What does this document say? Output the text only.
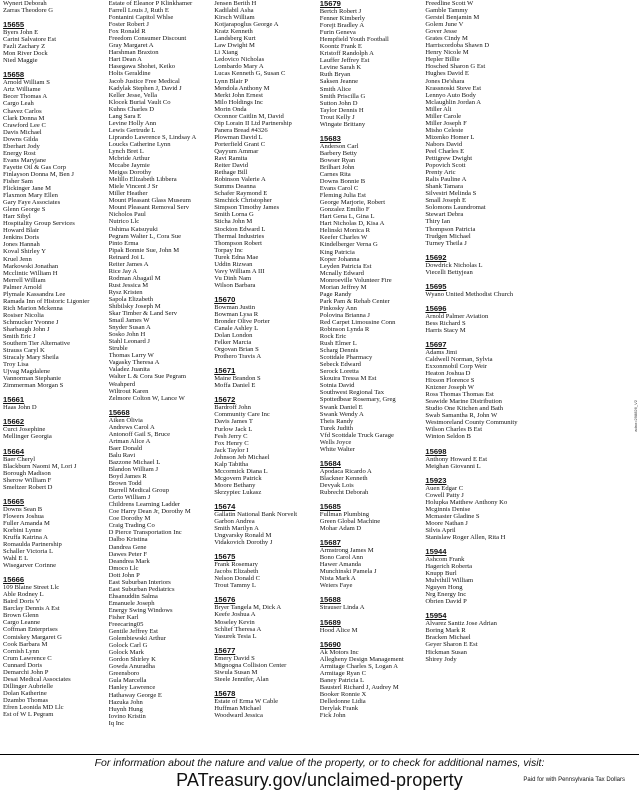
Wynert Deborah
Zarras Theodore G
15655
Byers John E
Carini Salvatore Est
Fazli Zachary Z
Mon River Dock
Nied Maggie
15658
Arnold William S
Artz Williame
Becer Thomas A
Cargo Leah
Chavez Carlos
Clark Donna M
Crawford Lee C
Davis Michael
Downs Gilda
Eberhart Jody
Energy Rost
Evans Maryjane
Fayette Oil & Gas Corp
Finlayson Donna M, Ben J
Fisher Sam
Flickinger Jane M
Flaxmon Mary Ellen
Gary Faye Associates
Glenn George S
Harr Sibyl
Hospitality Group Services
Howard Blair
Jenkins Doris
Jones Hannah
Koval Shirley Y
Kruel Jenn
Markowski Jonathan
Mcclintic William H
Merrell William
Palmer Arnold
Plymale Kassandra Lee
Ramada Inn of Historic Ligonier
Rich Marion Mckenna
Rosiser Nicolia
Schmucker Yvonne J
Sharbaugh John J
Smith Eric J
Southern Tier Alternative
Strauss Caryl K
Stracaly Mary Sheila
Troy Lisa
Ujvag Magdalene
Vannorman Stephanie
Zimmerman Morgan S
15661
Haas John D
15662
Curci Josephine
Mellinger Georgia
15664
Baer Cheryl
Blackburn Naomi M, Lori J
Borough Madison
Sherow William F
Smeltzer Robert D
15665
Downs Sean B
Flowers Joshua
Fuller Amanda M
Korbini Lynne
Kruffa Katrina A
Romaulda Partnership
Schaller Victoria L
Wahl E L
Wisegarver Corinne
15666
109 Blaine Street Llc
Able Rodney L
Baird Doris V
Barclay Dennis A Est
Brown Glenn
Cargo Leanne
Coffman Enterprises
Comiskey Margaret G
Cook Barbara M
Cornish Lynn
Crum Lawrence C
Cunnard Doris
Demarchi John P
Desai Medical Associates
Dillinger Aubrielle
Dolan Katherine
Dzambo Thomas
Efren Leonida MD Llc
Est of W L Pegram
Estate of Eleanor P Klinkhamer
Farrell Louis J, Ruth E
Fontanini Capitol Whlse
Foster Robert J
Fox Ronald R
Freedom Consumer Discount
Gray Margaret A
Harshman Braxton
Hart Dean A
Hasegawa Shohei, Keiko
Holts Geraldine
Jacob Justice Free Medical
Kadylak Stephen J, David J
Keller Jesse, Vella
Klocek Burial Vault Co
Kuhns Charles D
Lang Sara E
Levine Holly Ann
Lewis Gertrude L
Liprando Lawrence S, Lindsay A
Loucks Catherine Lynn
Lynch Bret L
Mcbride Arthur
Mccabe Jaymie
Meigss Dorothy
Melillo Elizabeth Libbera
Miele Vincent J Sr
Miller Heather
Mount Pleasant Glass Museum
Mount Pleasant Removal Serv
Nicholos Paul
Nutrico Llc
Oshima Katsuyuki
Pegram Walter L, Cora Sue
Pinto Erma
Pipak Bonnie Sue, John M
Reinard Joi L
Reiter James A
Rice Jay A
Rodman Abagail M
Rust Jessica M
Rysz Kristen
Sapola Elizabeth
Shibilsky Joseph M
Skar Timber & Land Serv
Smail James W
Snyder Susan A
Sosko John H
Stahl Leonard J
Struble
Thomas Larry W
Vagasky Theresa A
Valadez Juanita
Walter L & Cora Sue Pegram
Weahperd
Wiltrout Karen
Zelmore Colton W, Lance W
15668
Aiken Olivia
Andrews Carol A
Antonoff Gail S, Bruce
Artman Alice A
Baer Donald
Balu Ravi
Bazzone Michael L
Blandon William J
Boyd James R
Brown Todd
Burrell Medical Group
Certo William J
Childrens Learning Ladder
Coe Harry Dean Jr, Dorothy M
Coe Dorothy M
Craig Trading Co
D Pierce Transportation Inc
Dalbo Kristina
Dandrea Gene
Dawes Peter F
Deandrea Mark
Dmoco Llc
Dott John P
East Suburban Interiors
East Suburban Pediatrics
Ehsanuddin Salma
Emanuele Joseph
Energy Swing Windows
Fisher Karl
Freecaring05
Gentile Jeffrey Est
Golembiewski Arthur
Golock Carl G
Golock Mark
Gordon Shirley K
Gowda Anuradha
Greensboro
Gula Marcella
Hanley Lawrence
Hathaway George E
Hazuka John
Huynh Hung
Iovino Kristin
Iq Inc
Jensen Berith H
Kadilabil Asha
Kirsch William
Kotjarapoglus George A
Kratz Kenneth
Landsberg Kurt
Law Dwight M
Li Xiang
Ledovico Nicholas
Lombardo Mary A
Lucas Kenneth G, Susan C
Lynn Blair P
Mendola Anthony M
Merkt John Ernest
Milo Holdings Inc
Morin Onda
Oconnor Caitlin M, David
Oip Lorain II Ltd Partnership
Panera Bread #4326
Plowman David L
Porterfield Grant C
Qayyum Ammar
Ravi Ramita
Reiter David
Rethage Bill
Robinson Valerie A
Summs Deanna
Schafer Raymond E
Simchick Christopher
Simpson Timothy James
Smith Lorna G
Sticha John M
Stockton Edward L
Thermal Industries
Thompson Robert
Torpay Inc
Turek Edna Mae
Uddin Rizwan
Vavy William A III
Vu Dinh Nam
Wilson Barbara
15670
Bowman Justin
Bowman Lysa R
Bronder Olive Porter
Canale Ashley L
Dolan London
Felker Marcia
Orgovan Brian S
Prothero Travis A
15671
Maine Brandon S
Moffa Daniel E
15672
Bardroff John
Community Care Inc
Davis James T
Furlow Jack L
Fesh Jerry C
Fox Henry C
Jack Taylor I
Johnson Jeb Michael
Kalp Tabitha
Mccormick Diana L
Mcgovern Patrick
Moore Bethany
Skrzypiec Lukasz
15674
Gallatin National Bank Norvelt
Garbon Andrea
Smith Marilyn A
Ungvarsky Ronald M
Vidakovich Dorothy J
15675
Frank Rosemary
Jacobs Elizabeth
Nelson Donald C
Trout Tammy L
15676
Bryer Tangela M, Dick A
Keefe Joshua A
Moseley Kevin
Schlief Theresa A
Yasurek Tesia L
15677
Emery David S
Mignogna Collision Center
Siwula Susan M
Steele Jennifer, Alan
15678
Estate of Erma W Cable
Huffman Michael
Woodward Jessica
15679
Bertch Robert J
Fenner Kimberly
Forejt Bradley A
Furin Geneva
Hempfield Youth Football
Koontz Frank E
Kristoff Randolph A
Lauffer Jeffrey Est
Levine Sarah K
Ruth Bryan
Saksen Jeanne
Smith Alice
Smith Priscilla G
Sutton John D
Taylor Dennis H
Trout Kelly J
Wingate Brittany
15683
Anderson Carl
Barbery Betty
Bowser Ryan
Brilhart John
Carnes Rita
Downs Bonnie B
Evans Carol C
Fleming Julia Est
George Marjorie, Robert
Gonzalez Emilio F
Hart Gena L, Gina L
Hart Nicholas D, Kisa A
Helinski Monica R
Keefer Charles W
Kindelberger Verna G
King Patricia
Koper Johanna
Leyden Patricia Est
Mcnally Edward
Monroeville Volunteer Fire
Morian Jeffrey M
Page Randy
Park Pam & Rehab Center
Pinkosky Ann
Polovina Brianna J
Red Carpet Limousine Conn
Robinson Lynda R
Rock Eric
Rush Elmer L
Scharg Dennis
Scottdale Pharmacy
Sebeck Edward
Serock Loretta
Skouira Tressa M Est
Sotnia David
Southwest Regional Tax
Spottedbear Rosemary, Greg
Swank Daniel E
Swank Wendy A
Theis Randy
Turek Judith
Vfd Scottdale Truck Garage
Wells Joyce
White Walter
15684
Apodaca Ricardo A
Blackner Kenneth
Devyak Lois
Rubrecht Deborah
15685
Fullman Plumbing
Green Global Machine
Mohar Adam D
15687
Armstrong James M
Bono Carol Ann
Hawer Amanda
Munchinski Pamela J
Nista Mark A
Weiers Faye
15688
Strauser Linda A
15689
Hood Alice M
15690
Ak Motors Inc
Allegheny Design Management
Armitage Charles S, Logan A
Armitage Ryan C
Baney Patricia L
Bausterl Richard J, Audrey M
Booker Ronnie X
Delledonne Lidia
Derylak Frank
Fick John
Freedline Scott W
Gamble Tammy
Gerstel Benjamin M
Golem June V
Gover Jesse
Grates Cindy M
Harriscordoba Shawn D
Henry Nicole M
Hepler Billie
Hosched Sharon G Est
Hughes David E
Jones De'shara
Krassnoski Steve Est
Lennyo Auto Body
Mclaughlin Jordan A
Miller Ali
Miller Carole
Miller Joseph F
Misho Celeste
Mizenko Homer L
Nabors David
Peel Charles E
Pettigrew Dwight
Popovich Scott
Prenty Aric
Ralis Pauline A
Shank Tamara
Silvestri Melinda S
Small Joseph E
Solomons Laundromat
Stewart Debra
Thiry Ian
Thompson Patricia
Trudgen Michael
Turney Theila J
15692
Dowdrick Nicholas L
Viecelli Bettyjean
15695
Wyano United Methodist Church
15696
Arnold Palmer Aviation
Bess Richard S
Harris Stacy M
15697
Adams Jimi
Caldwell Norman, Sylvia
Exxonmobil Corp Weir
Heaton Joshua D
Hixson Florence S
Knizner Joseph W
Ross Thomas Thomas Est
Seawide Marine Distribution
Studio One Kitchen and Bath
Swab Samantha R, John W
Westmoreland County Community
Wilson Charles B Est
Winton Seldon B
15698
Anthony Howard E Est
Meighan Giovanni L
15923
Auen Edgar C
Cowell Patty J
Holupka Matthew Anthony Ko
Mcginnis Denise
Mcmaster Gladine S
Moore Nathan J
Silvis April
Stanislaw Roger Allen, Rita H
15944
Ashcom Frank
Hagerich Roberta
Knupp Burl
Mulvihill William
Nguyen Hong
Nrg Energy Inc
Obrien David P
15954
Alvarez Santiz Jose Adrian
Boring Mark R
Bracken Michael
Geyer Sharon E Est
Hickman Susan
Shirey Jody
For information about the nature and value of the property, or to check for additional names, visit:
PATreasury.gov/unclaimed-property	Paid for with Pennsylvania Tax Dollars
adno=298826_V2
